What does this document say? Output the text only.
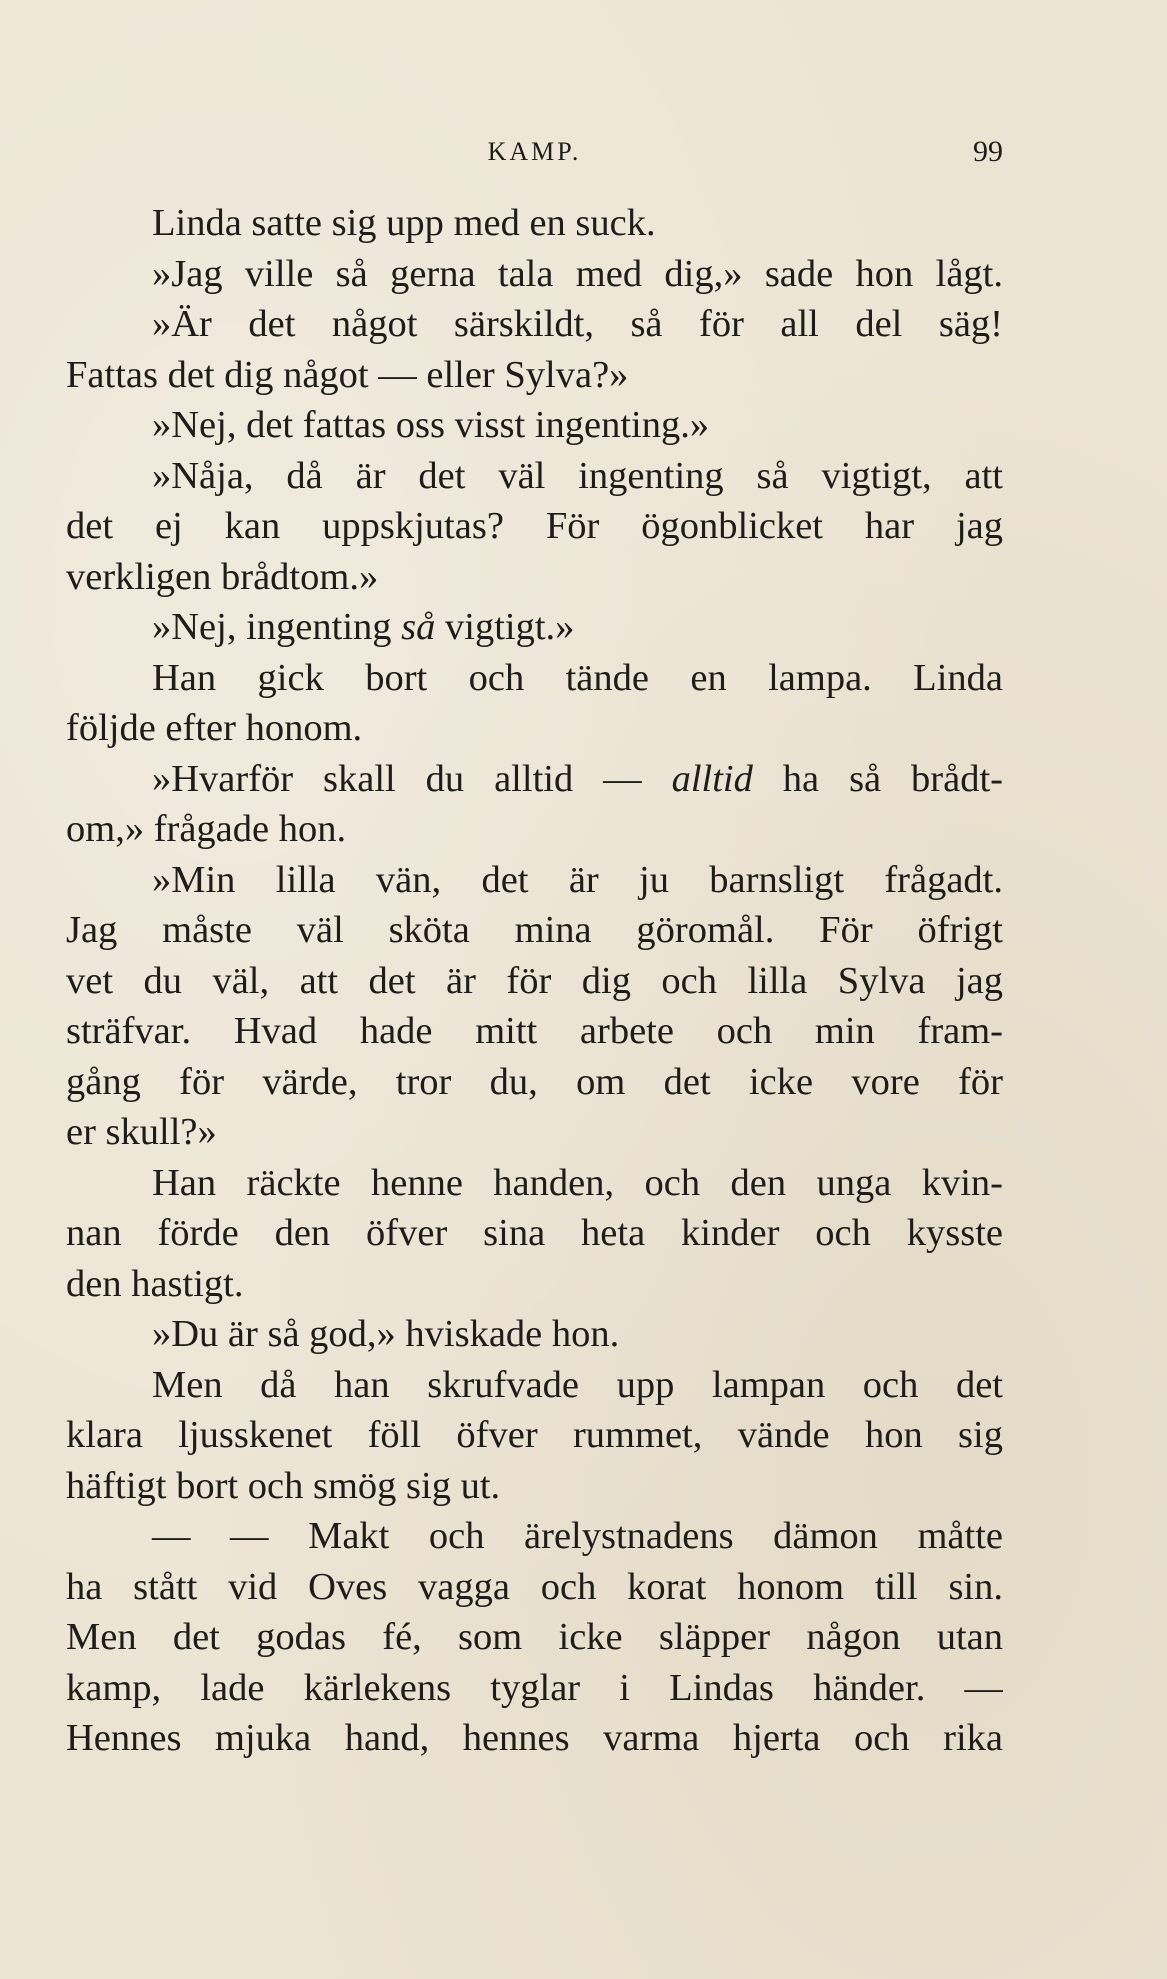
KAMP.	99
Linda satte sig upp med en suck.
»Jag ville så gerna tala med dig,» sade hon lågt.
»Är det något särskildt, så för all del säg!
Fattas det dig något — eller Sylva?»
»Nej, det fattas oss visst ingenting.»
»Nåja, då är det väl ingenting så vigtigt, att
det ej kan uppskjutas? För ögonblicket har jag
verkligen brådtom.»
»Nej, ingenting så vigtigt.»
Han gick bort och tände en lampa. Linda
följde efter honom.
»Hvarför skall du alltid — alltid ha så brådt-
om,» frågade hon.
»Min lilla vän, det är ju barnsligt frågadt.
Jag måste väl sköta mina göromål. För öfrigt
vet du väl, att det är för dig och lilla Sylva jag
sträfvar. Hvad hade mitt arbete och min fram-
gång för värde, tror du, om det icke vore för
er skull?»
Han räckte henne handen, och den unga kvin-
nan förde den öfver sina heta kinder och kysste
den hastigt.
»Du är så god,» hviskade hon.
Men då han skrufvade upp lampan och det
klara ljusskenet föll öfver rummet, vände hon sig
häftigt bort och smög sig ut.
— — Makt och ärelystnadens dämon måtte
ha stått vid Oves vagga och korat honom till sin.
Men det godas fé, som icke släpper någon utan
kamp, lade kärlekens tyglar i Lindas händer. —
Hennes mjuka hand, hennes varma hjerta och rika
